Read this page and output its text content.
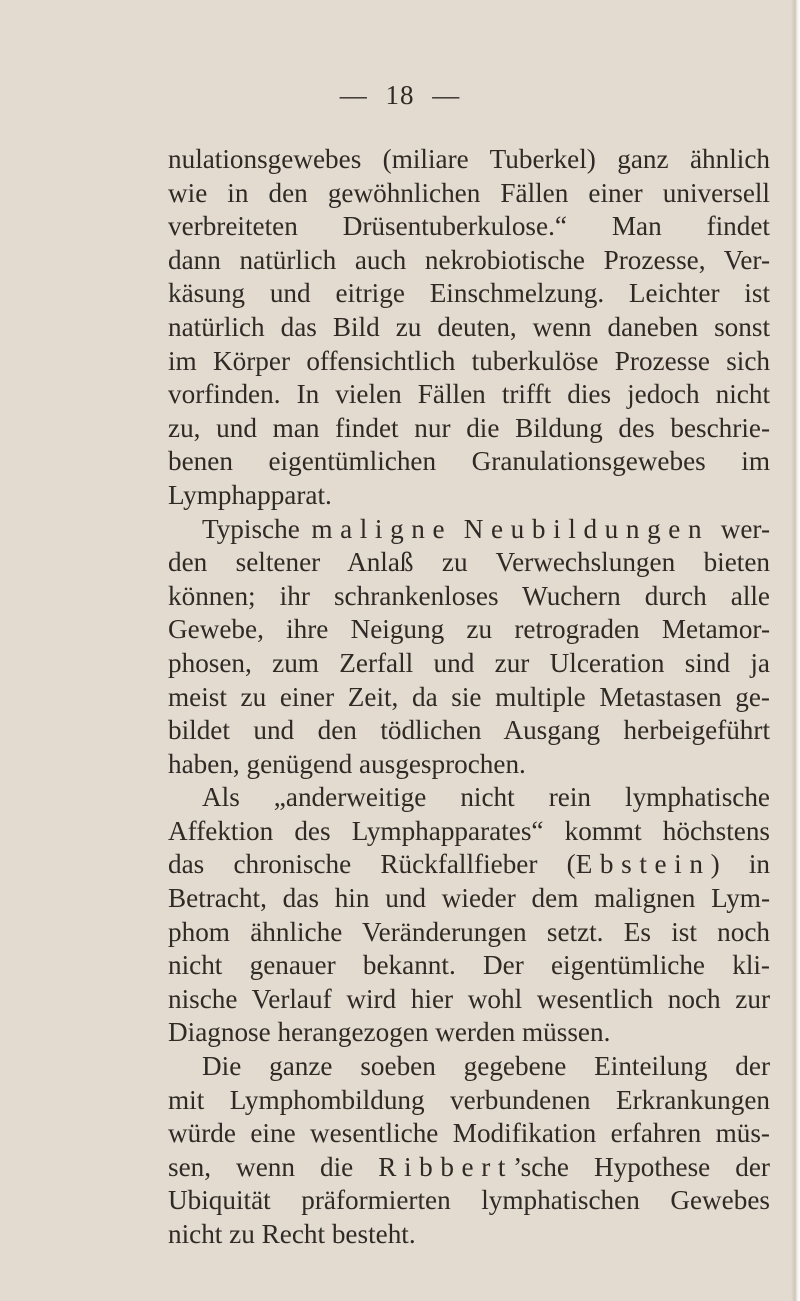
— 18 —
nulationsgewebes (miliare Tuberkel) ganz ähnlich
wie in den gewöhnlichen Fällen einer universell
verbreiteten Drüsentuberkulose.“ Man findet
dann natürlich auch nekrobiotische Prozesse, Ver-
käsung und eitrige Einschmelzung. Leichter ist
natürlich das Bild zu deuten, wenn daneben sonst
im Körper offensichtlich tuberkulöse Prozesse sich
vorfinden. In vielen Fällen trifft dies jedoch nicht
zu, und man findet nur die Bildung des beschrie-
benen eigentümlichen Granulationsgewebes im
Lymphapparat.
Typische maligne Neubildungen wer-
den seltener Anlaß zu Verwechslungen bieten
können; ihr schrankenloses Wuchern durch alle
Gewebe, ihre Neigung zu retrograden Metamor-
phosen, zum Zerfall und zur Ulceration sind ja
meist zu einer Zeit, da sie multiple Metastasen ge-
bildet und den tödlichen Ausgang herbeigeführt
haben, genügend ausgesprochen.
Als „anderweitige nicht rein lymphatische
Affektion des Lymphapparates“ kommt höchstens
das chronische Rückfallfieber (Ebstein) in
Betracht, das hin und wieder dem malignen Lym-
phom ähnliche Veränderungen setzt. Es ist noch
nicht genauer bekannt. Der eigentümliche kli-
nische Verlauf wird hier wohl wesentlich noch zur
Diagnose herangezogen werden müssen.
Die ganze soeben gegebene Einteilung der
mit Lymphombildung verbundenen Erkrankungen
würde eine wesentliche Modifikation erfahren müs-
sen, wenn die Ribbert’sche Hypothese der
Ubiquität präformierten lymphatischen Gewebes
nicht zu Recht besteht.
